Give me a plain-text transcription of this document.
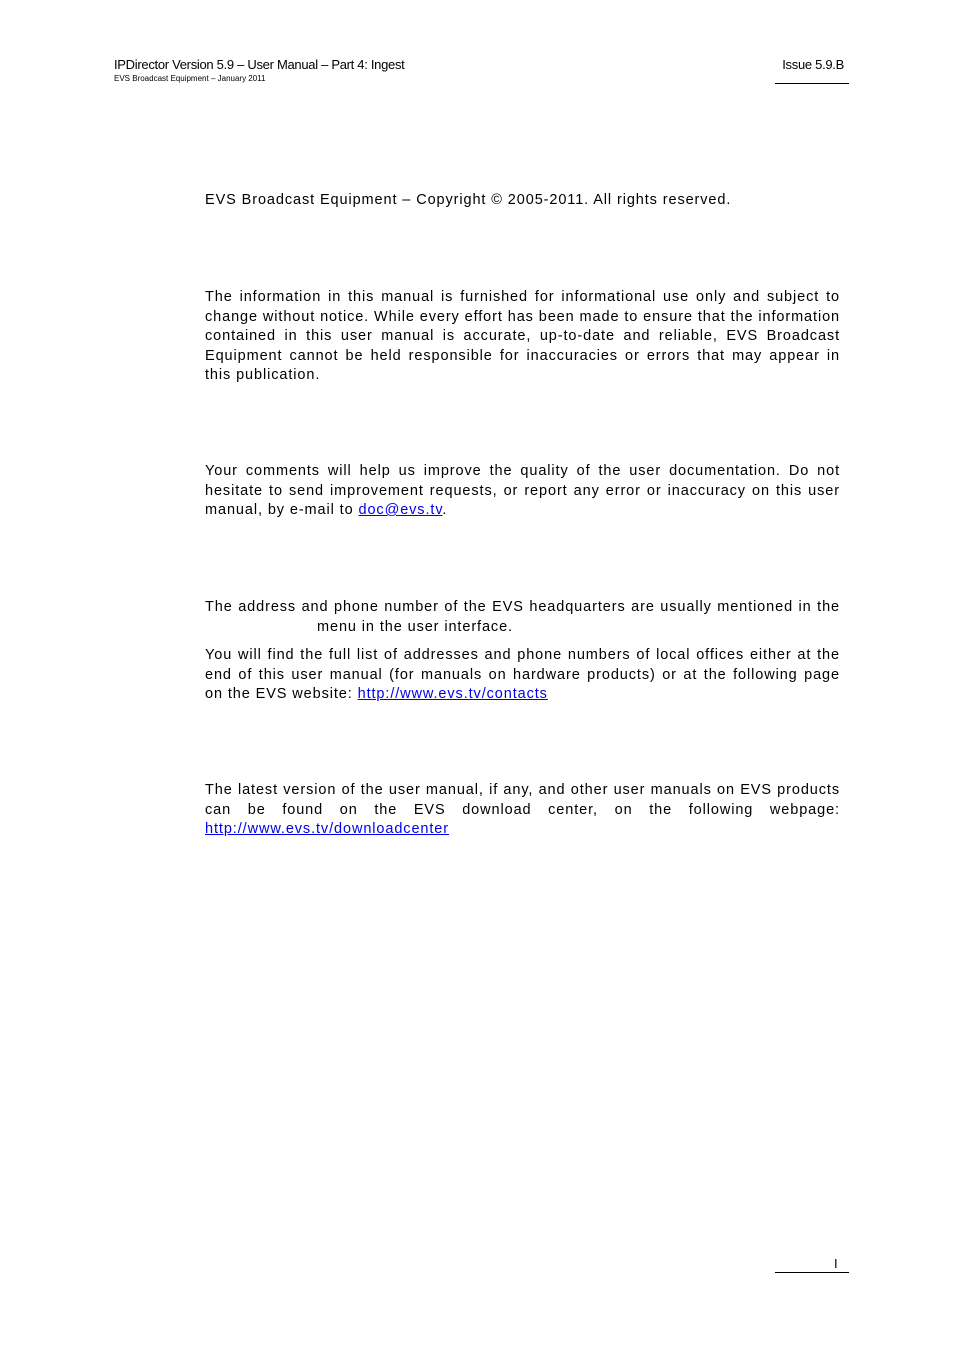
IPDirector Version 5.9 – User Manual – Part 4: Ingest
EVS Broadcast Equipment – January 2011
Issue 5.9.B
EVS Broadcast Equipment – Copyright © 2005-2011. All rights reserved.

The information in this manual is furnished for informational use only and subject to change without notice. While every effort has been made to ensure that the information contained in this user manual is accurate, up-to-date and reliable, EVS Broadcast Equipment cannot be held responsible for inaccuracies or errors that may appear in this publication.

Your comments will help us improve the quality of the user documentation. Do not hesitate to send improvement requests, or report any error or inaccuracy on this user manual, by e-mail to doc@evs.tv.

The address and phone number of the EVS headquarters are usually mentioned in themenu in the user interface.

You will find the full list of addresses and phone numbers of local offices either at the end of this user manual (for manuals on hardware products) or at the following page on the EVS website: http://www.evs.tv/contacts

The latest version of the user manual, if any, and other user manuals on EVS products can be found on the EVS download center, on the following webpage: http://www.evs.tv/downloadcenter

I
